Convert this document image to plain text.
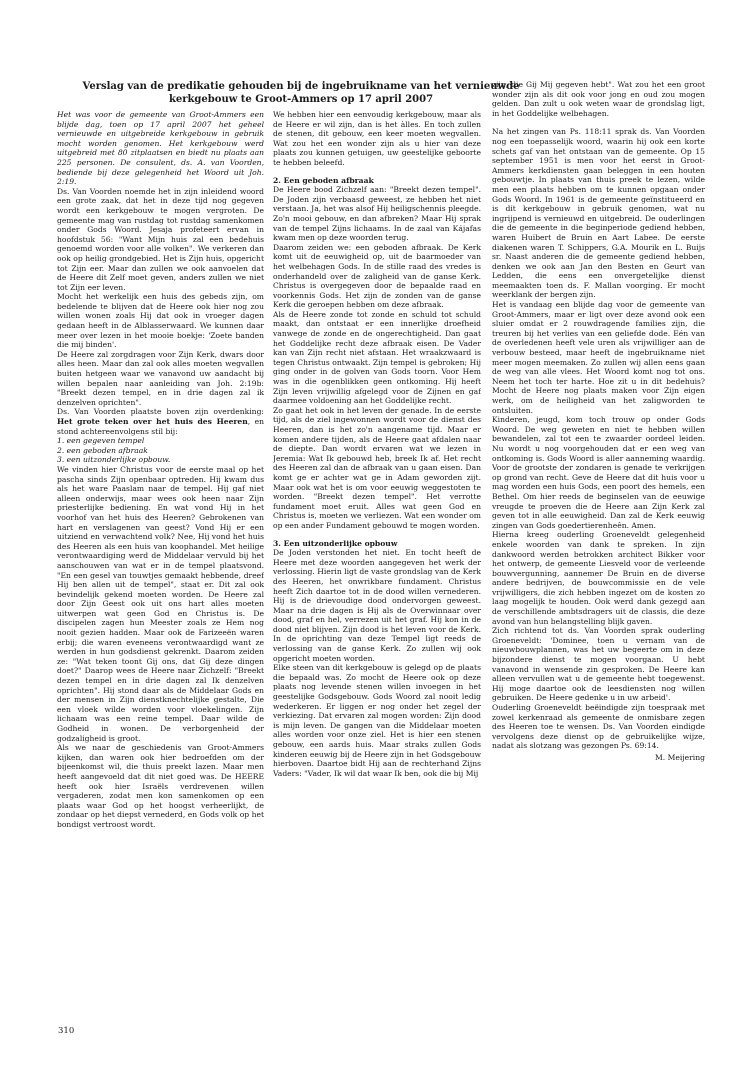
Verslag van de predikatie gehouden bij de ingebruikname van het vernieuwde kerkgebouw te Groot-Ammers op 17 april 2007

Het was voor de gemeente van Groot-Ammers een blijde dag, toen op 17 april 2007 het geheel vernieuwde en uitgebreide kerkgebouw in gebruik mocht worden genomen. Het kerkgebouw werd uitgebreid met 80 zitplaatsen en biedt nu plaats aan 225 personen. De consulent, ds. A. van Voorden, bediende bij deze gelegenheid het Woord uit Joh. 2:19.

Ds. Van Voorden noemde het in zijn inleidend woord een grote zaak, dat het in deze tijd nog gegeven wordt een kerkgebouw te mogen vergroten. De gemeente mag van rustdag tot rustdag samenkomen onder Gods Woord. Jesaja profeteert ervan in hoofdstuk 56: "Want Mijn huis zal een bedehuis genoemd worden voor alle volken". We verkeren dan ook op heilig grondgebied. Het is Zijn huis, opgericht tot Zijn eer. Maar dan zullen we ook aanvoelen dat de Heere dit Zelf moet geven, anders zullen we niet tot Zijn eer leven.

Mocht het werkelijk een huis des gebeds zijn, om bedelende te blijven dat de Heere ook hier nog zou willen wonen zoals Hij dat ook in vroeger dagen gedaan heeft in de Alblasserwaard. We kunnen daar meer over lezen in het mooie boekje: 'Zoete banden die mij binden'.

De Heere zal zorgdragen voor Zijn Kerk, dwars door alles heen. Maar dan zal ook alles moeten wegvallen buiten hetgeen waar we vanavond uw aandacht bij willen bepalen naar aanleiding van Joh. 2:19b: "Breekt dezen tempel, en in drie dagen zal ik denzelven oprichten".

Ds. Van Voorden plaatste boven zijn overdenking: Het grote teken over het huis des Heeren, en stond achtereenvolgens stil bij:

1. een gegeven tempel

2. een geboden afbraak

3. een uitzonderlijke opbouw.

We vinden hier Christus voor de eerste maal op het pascha sinds Zijn openbaar optreden. Hij kwam dus als het ware Paaslam naar de tempel. Hij gaf niet alleen onderwijs, maar wees ook heen naar Zijn priesterlijke bediening. En wat vond Hij in het voorhof van het huis des Heeren? Gebrokenen van hart en verslagenen van geest? Vond Hij er een uitziend en verwachtend volk? Nee, Hij vond het huis des Heeren als een huis van koophandel. Met heilige verontwaardiging werd de Middelaar vervuld bij het aanschouwen van wat er in de tempel plaatsvond. "En een gesel van touwtjes gemaakt hebbende, dreef Hij ben allen uit de tempel", staat er. Dit zal ook bevindelijk gekend moeten worden. De Heere zal door Zijn Geest ook uit ons hart alles moeten uitwerpen wat geen God en Christus is. De discipelen zagen hun Meester zoals ze Hem nog nooit gezien hadden. Maar ook de Farizeeën waren erbij; die waren eveneens verontwaardigd want ze werden in hun godsdienst gekrenkt. Daarom zeiden ze: "Wat teken toont Gij ons, dat Gij deze dingen doet?" Daarop wees de Heere naar Zichzelf: "Breekt dezen tempel en in drie dagen zal Ik denzelven oprichten". Hij stond daar als de Middelaar Gods en der mensen in Zijn dienstknechtelijke gestalte, Die een vloek wilde worden voor vloekelingen. Zijn lichaam was een reine tempel. Daar wilde de Godheid in wonen. De verborgenheid der godzaligheid is groot.

Als we naar de geschiedenis van Groot-Ammers kijken, dan waren ook hier bedroefden om der bijeenkomst wil, die thuis preekt lazen. Maar men heeft aangevoeld dat dit niet goed was. De HEERE heeft ook hier Israëls verdrevenen willen vergaderen, zodat men kon samenkomen op een plaats waar God op het hoogst verheerlijkt, de zondaar op het diepst vernederd, en Gods volk op het bondigst vertroost wordt.

We hebben hier een eenvoudig kerkgebouw, maar als de Heere er wil zijn, dan is het àlles. En toch zullen de stenen, dit gebouw, een keer moeten wegvallen. Wat zou het een wonder zijn als u hier van deze plaats zou kunnen getuigen, uw geestelijke geboorte te hebben beleefd.

2. Een geboden afbraak

De Heere bood Zichzelf aan: "Breekt dezen tempel". De Joden zijn verbaasd geweest, ze hebben het niet verstaan. Ja, het was alsof Hij heiligschennis pleegde. Zo'n mooi gebouw, en dan afbreken? Maar Hij sprak van de tempel Zijns lichaams. In de zaal van Kájafas kwam men op deze woorden terug.

Daarom zeiden we: een geboden afbraak. De Kerk komt uit de eeuwigheid op, uit de baarmoeder van het welbehagen Gods. In de stille raad des vredes is onderhandeld over de zaligheid van de ganse Kerk. Christus is overgegeven door de bepaalde raad en voorkennis Gods. Het zijn de zonden van de ganse Kerk die geroepen hebben om deze afbraak.

Als de Heere zonde tot zonde en schuld tot schuld maakt, dan ontstaat er een innerlijke droefheid vanwege de zonde en de ongerechtigheid. Dan gaat het Goddelijke recht deze afbraak eisen. De Vader kan van Zijn recht niet afstaan. Het wraakzwaard is tegen Christus ontwaakt. Zijn tempel is gebroken; Hij ging onder in de golven van Gods toorn. Voor Hem was in die ogenblikken geen ontkoming. Hij heeft Zijn leven vrijwillig afgelegd voor de Zijnen en gaf daarmee voldoening aan het Goddelijke recht.

Zo gaat het ook in het leven der genade. In de eerste tijd, als de ziel ingewonnen wordt voor de dienst des Heeren, dan is het zo'n aangename tijd. Maar er komen andere tijden, als de Heere gaat afdalen naar de diepte. Dan wordt ervaren wat we lezen in Jeremia: Wat Ik gebouwd heb, breek Ik af. Het recht des Heeren zal dan de afbraak van u gaan eisen. Dan komt ge er achter wat ge in Adam geworden zijt. Maar ook wat het is om voor eeuwig weggestoten te worden. "Breekt dezen tempel". Het verrotte fundament moet eruit. Alles wat geen God en Christus is, moeten we verliezen. Wat een wonder om op een ander Fundament gebouwd te mogen worden.

3. Een uitzonderlijke opbouw

De Joden verstonden het niet. En tocht heeft de Heere met deze woorden aangegeven het werk der verlossing. Hierin ligt de vaste grondslag van de Kerk des Heeren, het onwrikbare fundament. Christus heeft Zich daartoe tot in de dood willen vernederen. Hij is de drievoudige dood ondervorgen geweest. Maar na drie dagen is Hij als de Overwinnaar over dood, graf en hel, verrezen uit het graf. Hij kon in de dood niet blijven. Zijn dood is het leven voor de Kerk. In de oprichting van deze Tempel ligt reeds de verlossing van de ganse Kerk. Zo zullen wij ook opgericht moeten worden.

Elke steen van dit kerkgebouw is gelegd op de plaats die bepaald was. Zo mocht de Heere ook op deze plaats nog levende stenen willen invoegen in het geestelijke Godsgebouw. Gods Woord zal nooit ledig wederkeren. Er liggen er nog onder het zegel der verkiezing. Dat ervaren zal mogen worden: Zijn dood is mijn leven. De gangen van die Middelaar moeten alles worden voor onze ziel. Het is hier een stenen gebouw, een aards huis. Maar straks zullen Gods kinderen eeuwig bij de Heere zijn in het Godsgebouw hierboven. Daartoe bidt Hij aan de rechterhand Zijns Vaders: "Vader, Ik wil dat waar Ik ben, ook die bij Mij

zijn, die Gij Mij gegeven hebt". Wat zou het een groot wonder zijn als dit ook voor jong en oud zou mogen gelden. Dan zult u ook weten waar de grondslag ligt, in het Goddelijke welbehagen.

Na het zingen van Ps. 118:11 sprak ds. Van Voorden nog een toepasselijk woord, waarin hij ook een korte schets gaf van het ontstaan van de gemeente. Op 15 september 1951 is men voor het eerst in Groot-Ammers kerkdiensten gaan beleggen in een houten gebouwtje. In plaats van thuis preek te lezen, wilde men een plaats hebben om te kunnen opgaan onder Gods Woord. In 1961 is de gemeente geïnstitueerd en is dit kerkgebouw in gebruik genomen, wat nu ingrijpend is vernieuwd en uitgebreid. De ouderlingen die de gemeente in die beginperiode gediend hebben, waren Huibert de Bruin en Aart Labee. De eerste diakenen waren T. Schippers, G.A. Mourik en L. Buijs sr. Naast anderen die de gemeente gediend hebben, denken we ook aan Jan den Besten en Geurt van Ledden, die eens een onvergetelijke dienst meemaakten toen ds. F. Mallan voorging. Er mocht weerklank der bergen zijn.

Het is vandaag een blijde dag voor de gemeente van Groot-Ammers, maar er ligt over deze avond ook een sluier omdat er 2 rouwdragende families zijn, die treuren bij het verlies van een geliefde dode. Eén van de overledenen heeft vele uren als vrijwilliger aan de verbouw besteed, maar heeft de ingebruikname niet meer mogen meemaken. Zo zullen wij allen eens gaan de weg van alle vlees. Het Woord komt nog tot ons. Neem het toch ter harte. Hoe zit u in dit bedehuis? Mocht de Heere nog plaats maken voor Zijn eigen werk, om de heiligheid van het zaligworden te ontsluiten.

Kinderen, jeugd, kom toch trouw op onder Gods Woord. De weg geweten en niet te hebben willen bewandelen, zal tot een te zwaarder oordeel leiden. Nu wordt u nog voorgehouden dat er een weg van ontkoming is. Gods Woord is aller aanneming waardig. Voor de grootste der zondaren is genade te verkrijgen op grond van recht. Geve de Heere dat dit huis voor u mag worden een huis Gods, een poort des hemels, een Bethel. Om hier reeds de beginselen van de eeuwige vreugde te proeven die de Heere aan Zijn Kerk zal geven tot in alle eeuwigheid. Dan zal de Kerk eeuwig zingen van Gods goedertierenheên. Amen.

Hierna kreeg ouderling Groeneveldt gelegenheid enkele woorden van dank te spreken. In zijn dankwoord werden betrokken architect Bikker voor het ontwerp, de gemeente Liesveld voor de verleende bouwvergunning, aannemer De Bruin en de diverse andere bedrijven, de bouwcommissie en de vele vrijwilligers, die zich hebben ingezet om de kosten zo laag mogelijk te houden. Ook werd dank gezegd aan de verschillende ambtsdragers uit de classis, die deze avond van hun belangstelling blijk gaven.

Zich richtend tot ds. Van Voorden sprak ouderling Groeneveldt: 'Dominee, toen u vernam van de nieuwbouwplannen, was het uw begeerte om in deze bijzondere dienst te mogen voorgaan. U hebt vanavond in wensende zin gesproken. De Heere kan alleen vervullen wat u de gemeente hebt toegewenst. Hij moge daartoe ook de leesdiensten nog willen gebruiken. De Heere gedenke u in uw arbeid'.

Ouderling Groeneveldt beëindigde zijn toespraak met zowel kerkenraad als gemeente de onmisbare zegen des Heeren toe te wensen. Ds. Van Voorden eindigde vervolgens deze dienst op de gebruikelijke wijze, nadat als slotzang was gezongen Ps. 69:14.

M. Meijering

310
